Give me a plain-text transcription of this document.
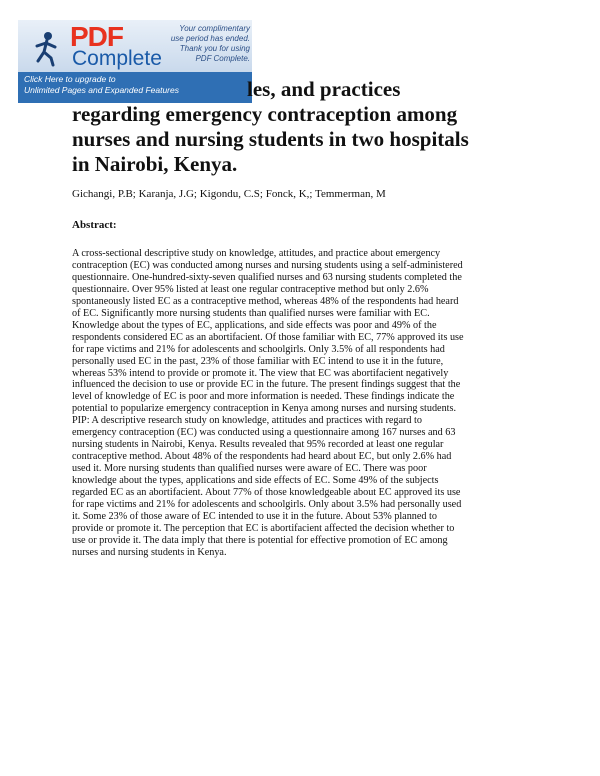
PDF
Complete
Your complimentary
use period has ended.
Thank you for using
PDF Complete.
Click Here to upgrade to
Unlimited Pages and Expanded Features	les, and practices
regarding emergency contraception among
nurses and nursing students in two hospitals
in Nairobi, Kenya.

Gichangi, P.B; Karanja, J.G; Kigondu, C.S; Fonck, K,; Temmerman, M

Abstract:

A cross-sectional descriptive study on knowledge, attitudes, and practice about emergency
contraception (EC) was conducted among nurses and nursing students using a self-administered
questionnaire. One-hundred-sixty-seven qualified nurses and 63 nursing students completed the
questionnaire. Over 95% listed at least one regular contraceptive method but only 2.6%
spontaneously listed EC as a contraceptive method, whereas 48% of the respondents had heard
of EC. Significantly more nursing students than qualified nurses were familiar with EC.
Knowledge about the types of EC, applications, and side effects was poor and 49% of the
respondents considered EC as an abortifacient. Of those familiar with EC, 77% approved its use
for rape victims and 21% for adolescents and schoolgirls. Only 3.5% of all respondents had
personally used EC in the past, 23% of those familiar with EC intend to use it in the future,
whereas 53% intend to provide or promote it. The view that EC was abortifacient negatively
influenced the decision to use or provide EC in the future. The present findings suggest that the
level of knowledge of EC is poor and more information is needed. These findings indicate the
potential to popularize emergency contraception in Kenya among nurses and nursing students.
PIP: A descriptive research study on knowledge, attitudes and practices with regard to
emergency contraception (EC) was conducted using a questionnaire among 167 nurses and 63
nursing students in Nairobi, Kenya. Results revealed that 95% recorded at least one regular
contraceptive method. About 48% of the respondents had heard about EC, but only 2.6% had
used it. More nursing students than qualified nurses were aware of EC. There was poor
knowledge about the types, applications and side effects of EC. Some 49% of the subjects
regarded EC as an abortifacient. About 77% of those knowledgeable about EC approved its use
for rape victims and 21% for adolescents and schoolgirls. Only about 3.5% had personally used
it. Some 23% of those aware of EC intended to use it in the future. About 53% planned to
provide or promote it. The perception that EC is abortifacient affected the decision whether to
use or provide it. The data imply that there is potential for effective promotion of EC among
nurses and nursing students in Kenya.
